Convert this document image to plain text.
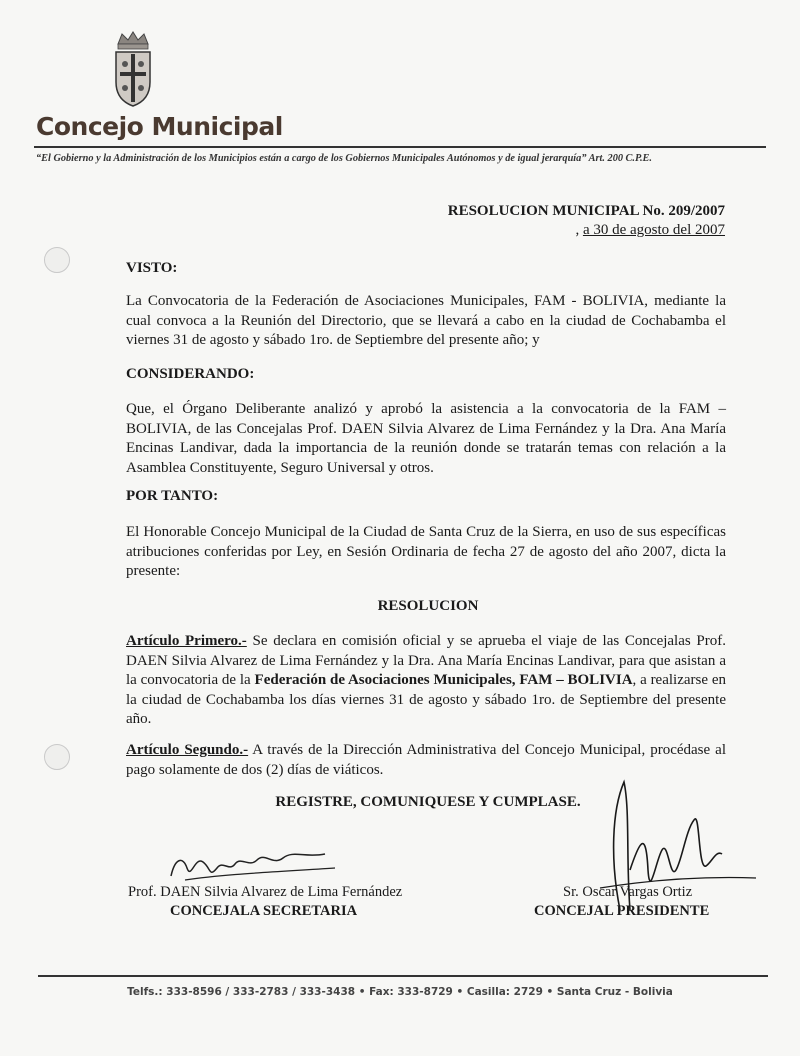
Concejo Municipal
“El Gobierno y la Administración de los Municipios están a cargo de los Gobiernos Municipales Autónomos y de igual jerarquía” Art. 200 C.P.E.
RESOLUCION MUNICIPAL No. 209/2007
, a 30 de agosto del 2007
VISTO:
La Convocatoria de la Federación de Asociaciones Municipales, FAM - BOLIVIA, mediante la cual convoca a la Reunión del Directorio, que se llevará a cabo en la ciudad de Cochabamba el viernes 31 de agosto y sábado 1ro. de Septiembre del presente año; y
CONSIDERANDO:
Que, el Órgano Deliberante analizó y aprobó la asistencia a la convocatoria de la FAM – BOLIVIA, de las Concejalas Prof. DAEN Silvia Alvarez de Lima Fernández y la Dra. Ana María Encinas Landivar, dada la importancia de la reunión donde se tratarán temas con relación a la Asamblea Constituyente, Seguro Universal y otros.
POR TANTO:
El Honorable Concejo Municipal de la Ciudad de Santa Cruz de la Sierra, en uso de sus específicas atribuciones conferidas por Ley, en Sesión Ordinaria de fecha 27 de agosto del año 2007, dicta la presente:
RESOLUCION
Artículo Primero.- Se declara en comisión oficial y se aprueba el viaje de las Concejalas Prof. DAEN Silvia Alvarez de Lima Fernández y la Dra. Ana María Encinas Landivar, para que asistan a la convocatoria de la Federación de Asociaciones Municipales, FAM – BOLIVIA, a realizarse en la ciudad de Cochabamba los días viernes 31 de agosto y sábado 1ro. de Septiembre del presente año.
Artículo Segundo.- A través de la Dirección Administrativa del Concejo Municipal, procédase al pago solamente de dos (2) días de viáticos.
REGISTRE, COMUNIQUESE Y CUMPLASE.
Prof. DAEN Silvia Alvarez de Lima Fernández
CONCEJALA SECRETARIA
Sr. Oscar Vargas Ortiz
CONCEJAL PRESIDENTE
Telfs.: 333-8596 / 333-2783 / 333-3438 • Fax: 333-8729 • Casilla: 2729 • Santa Cruz - Bolivia
